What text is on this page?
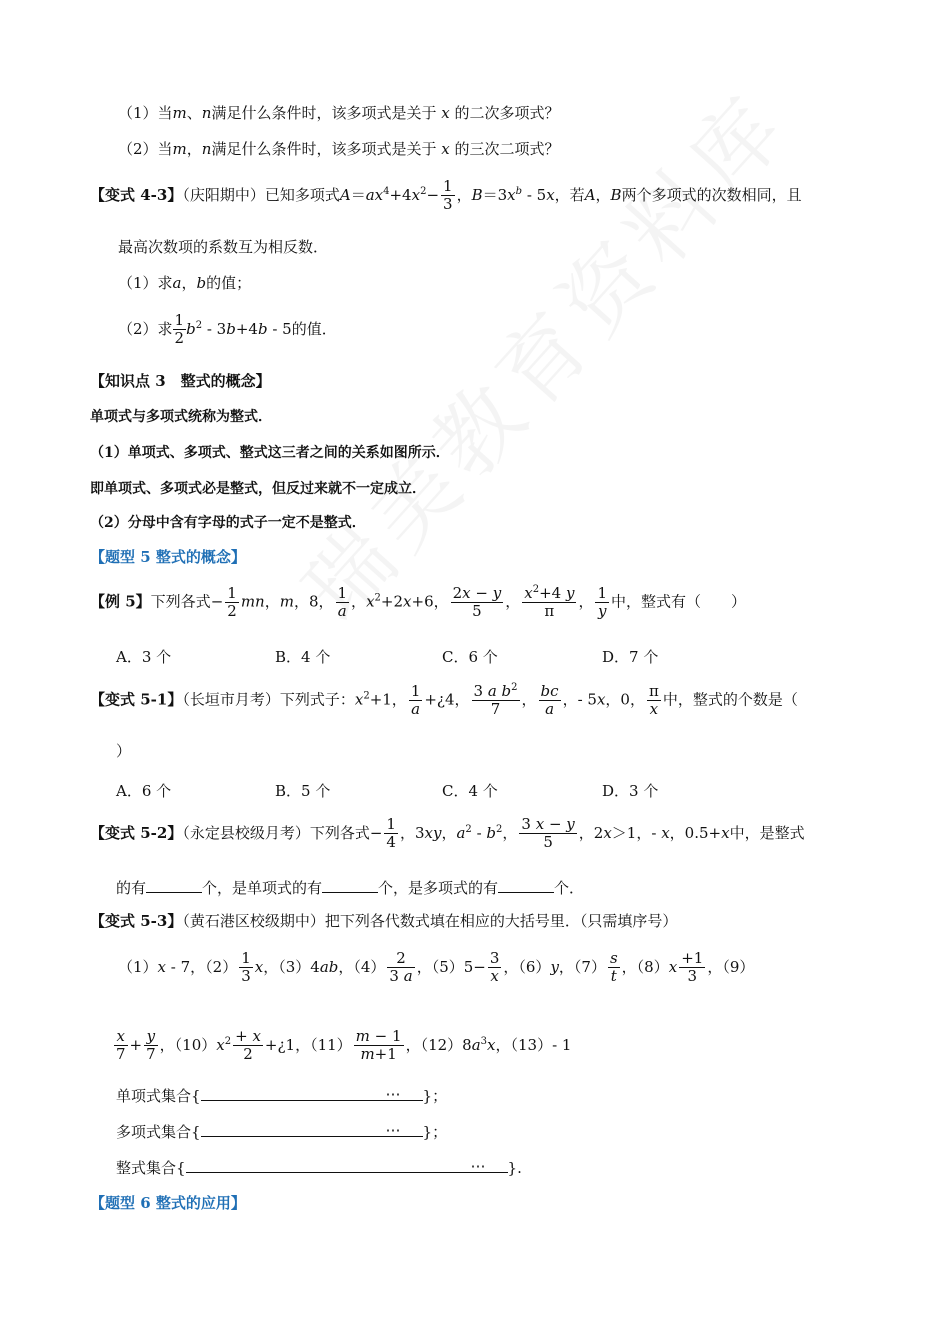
（1）当m、n满足什么条件时，该多项式是关于 x 的二次多项式？
（2）当m，n满足什么条件时，该多项式是关于 x 的三次二项式？
【变式 4-3】（庆阳期中）已知多项式$A=ax^4+4x^2- \frac{1}{3}$ ，$B=3x^b - 5x$，若A，B两个多项式的次数相同，且
最高次数项的系数互为相反数．
（1）求a，b的值；
（2）求 $\frac{1}{2} b^2 - 3b+4b - 5$的值．
【知识点 3　整式的概念】
单项式与多项式统称为整式．
（1）单项式、多项式、整式这三者之间的关系如图所示．
即单项式、多项式必是整式，但反过来就不一定成立．
（2）分母中含有字母的式子一定不是整式．
【题型 5 整式的概念】
【例 5】下列各式− $\frac{1}{2}$ mn，m，8， $\frac{1}{a}$ ，$x^2+2x+6$， $\frac{2x - y}{5}$ ， $\frac{x^2+4 y}{\pi}$ ， $\frac{1}{y}$ 中，整式有（　　）
A．3 个	B．4 个	C．6 个	D．7 个
【变式 5-1】（长垣市月考）下列式子：$x^2+1$， $\frac{1}{a}$ +¿4， $\frac{3 a b^2}{7}$ ， $\frac{bc}{a}$ ，- 5x，0， $\frac{\pi}{x}$ 中，整式的个数是（
）
A．6 个	B．5 个	C．4 个	D．3 个
【变式 5-2】（永定县校级月考）下列各式− $\frac{1}{4}$ ，3xy，$a^2 - b^2$， $\frac{3 x - y}{5}$ ，2x＞1，- x，0.5+x中，是整式
的有	个，是单项式的有	个，是多项式的有	个．
【变式 5-3】（黄石港区校级期中）把下列各代数式填在相应的大括号里．（只需填序号）
（1）x - 7，$(2) \frac{1}{3}$ x，（3）4ab，$(4) \frac{2}{3 a}$ ，$(5)5- \frac{3}{x}$ ，（6）y，$(7) \frac{s}{t}$ ，$(8)x \frac{+1}{3}$ ，（9）
$\frac{x}{7} + \frac{y}{7}$ ，$(10)x^2 \frac{+ x}{2}$ +¿1，$(11) \frac{m - 1}{m+1}$ ，$(12)8a^3x$，（13）- 1
单项式集合{	⋯ }；
多项式集合{	⋯ }；
整式集合{	⋯ }.
【题型 6 整式的应用】
